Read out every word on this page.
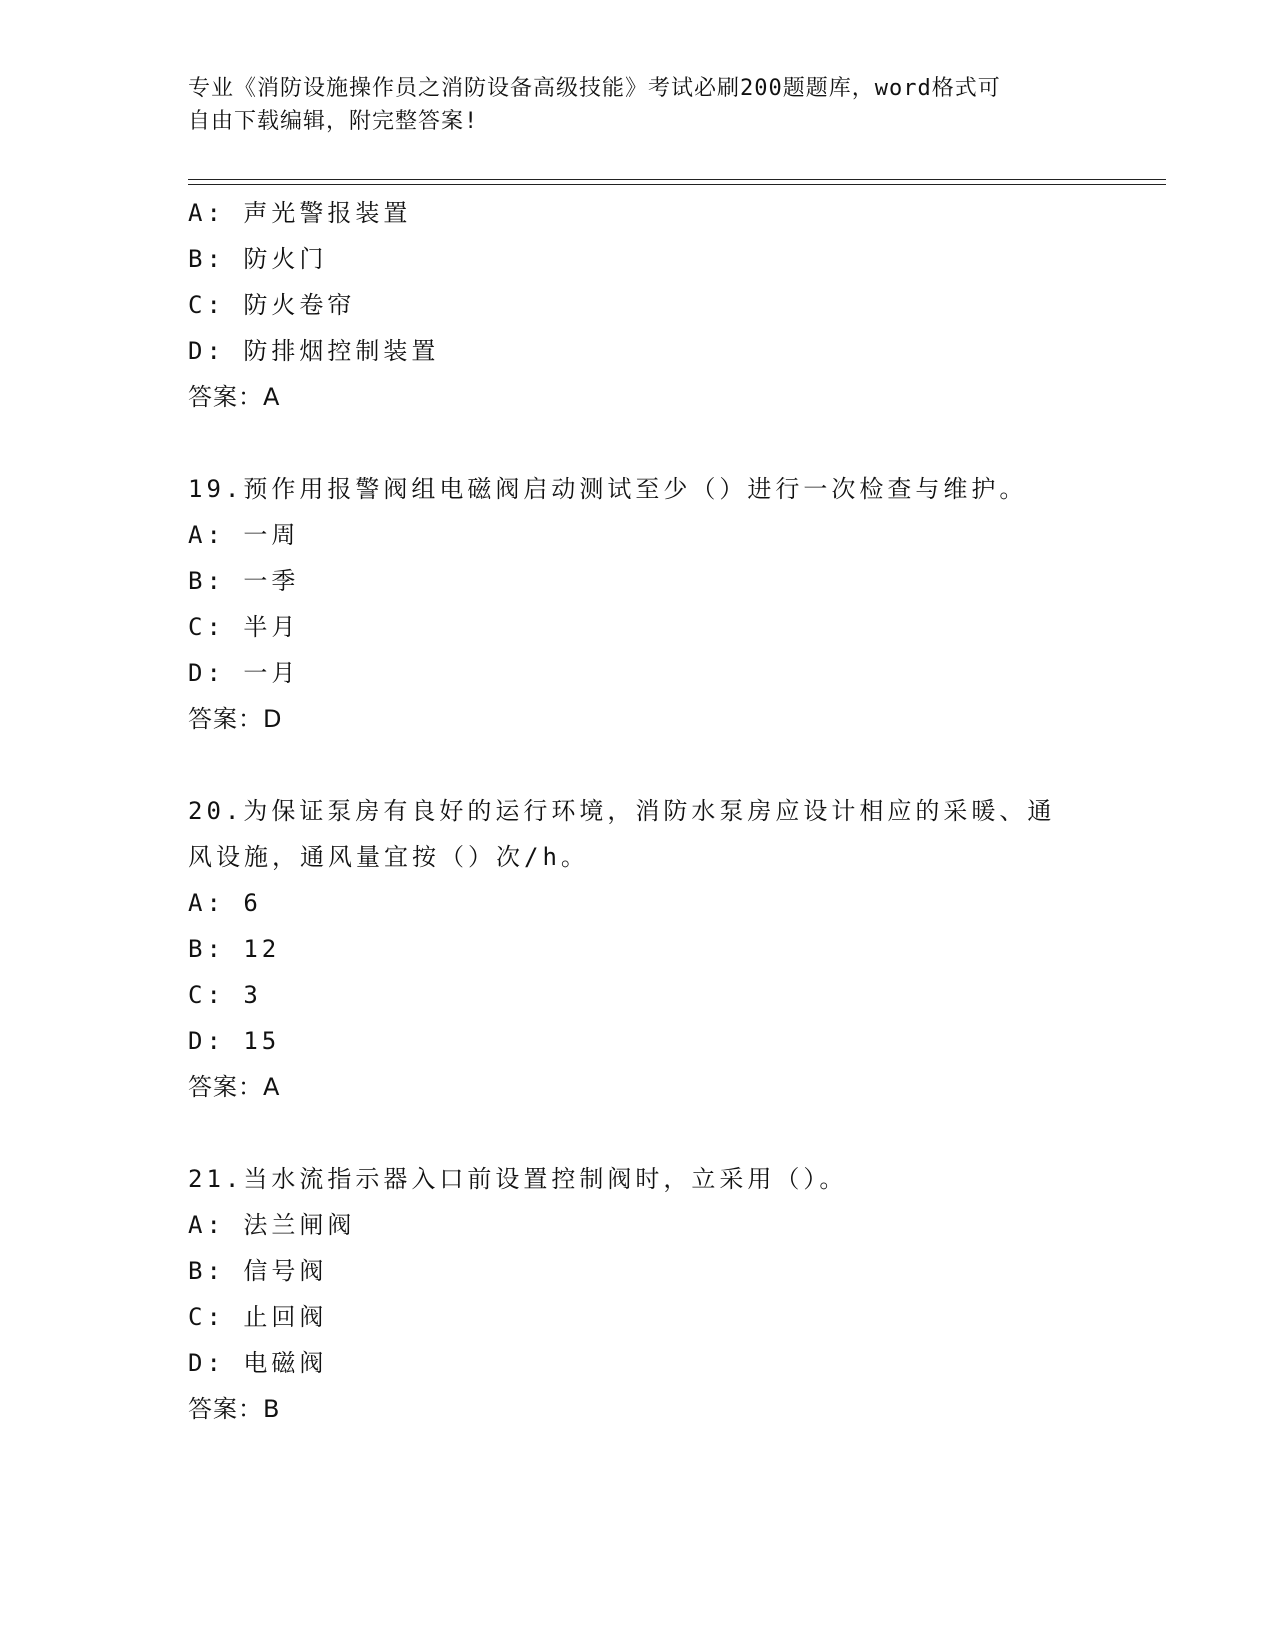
专业《消防设施操作员之消防设备高级技能》考试必刷200题题库，word格式可
自由下载编辑，附完整答案!
A: 声光警报装置
B: 防火门
C: 防火卷帘
D: 防排烟控制装置
答案：A
19.预作用报警阀组电磁阀启动测试至少（）进行一次检查与维护。
A: 一周
B: 一季
C: 半月
D: 一月
答案：D
20.为保证泵房有良好的运行环境，消防水泵房应设计相应的采暖、通
风设施，通风量宜按（）次/h。
A: 6
B: 12
C: 3
D: 15
答案：A
21.当水流指示器入口前设置控制阀时，立采用（）。
A: 法兰闸阀
B: 信号阀
C: 止回阀
D: 电磁阀
答案：B
